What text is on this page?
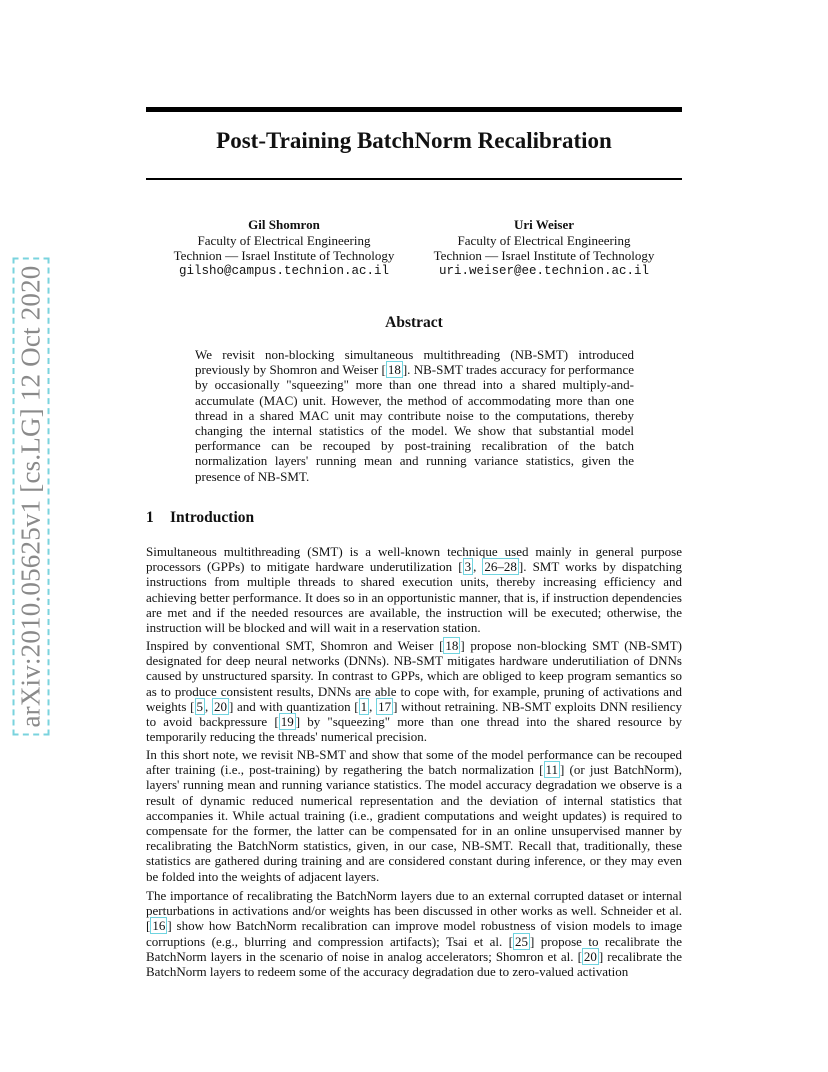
arXiv:2010.05625v1 [cs.LG] 12 Oct 2020
Post-Training BatchNorm Recalibration
Gil Shomron
Faculty of Electrical Engineering
Technion — Israel Institute of Technology
gilsho@campus.technion.ac.il
Uri Weiser
Faculty of Electrical Engineering
Technion — Israel Institute of Technology
uri.weiser@ee.technion.ac.il
Abstract
We revisit non-blocking simultaneous multithreading (NB-SMT) introduced previously by Shomron and Weiser [ 18 ]. NB-SMT trades accuracy for performance by occasionally "squeezing" more than one thread into a shared multiply-and-accumulate (MAC) unit. However, the method of accommodating more than one thread in a shared MAC unit may contribute noise to the computations, thereby changing the internal statistics of the model. We show that substantial model performance can be recouped by post-training recalibration of the batch normalization layers' running mean and running variance statistics, given the presence of NB-SMT.
1 Introduction
Simultaneous multithreading (SMT) is a well-known technique used mainly in general purpose processors (GPPs) to mitigate hardware underutilization [ 3 , 26–28 ]. SMT works by dispatching instructions from multiple threads to shared execution units, thereby increasing efficiency and achieving better performance. It does so in an opportunistic manner, that is, if instruction dependencies are met and if the needed resources are available, the instruction will be executed; otherwise, the instruction will be blocked and will wait in a reservation station.
Inspired by conventional SMT, Shomron and Weiser [ 18 ] propose non-blocking SMT (NB-SMT) designated for deep neural networks (DNNs). NB-SMT mitigates hardware underutiliation of DNNs caused by unstructured sparsity. In contrast to GPPs, which are obliged to keep program semantics so as to produce consistent results, DNNs are able to cope with, for example, pruning of activations and weights [ 5 , 20 ] and with quantization [ 1 , 17 ] without retraining. NB-SMT exploits DNN resiliency to avoid backpressure [ 19 ] by "squeezing" more than one thread into the shared resource by temporarily reducing the threads' numerical precision.
In this short note, we revisit NB-SMT and show that some of the model performance can be recouped after training (i.e., post-training) by regathering the batch normalization [ 11 ] (or just BatchNorm), layers' running mean and running variance statistics. The model accuracy degradation we observe is a result of dynamic reduced numerical representation and the deviation of internal statistics that accompanies it. While actual training (i.e., gradient computations and weight updates) is required to compensate for the former, the latter can be compensated for in an online unsupervised manner by recalibrating the BatchNorm statistics, given, in our case, NB-SMT. Recall that, traditionally, these statistics are gathered during training and are considered constant during inference, or they may even be folded into the weights of adjacent layers.
The importance of recalibrating the BatchNorm layers due to an external corrupted dataset or internal perturbations in activations and/or weights has been discussed in other works as well. Schneider et al. [ 16 ] show how BatchNorm recalibration can improve model robustness of vision models to image corruptions (e.g., blurring and compression artifacts); Tsai et al. [ 25 ] propose to recalibrate the BatchNorm layers in the scenario of noise in analog accelerators; Shomron et al. [ 20 ] recalibrate the BatchNorm layers to redeem some of the accuracy degradation due to zero-valued activation
